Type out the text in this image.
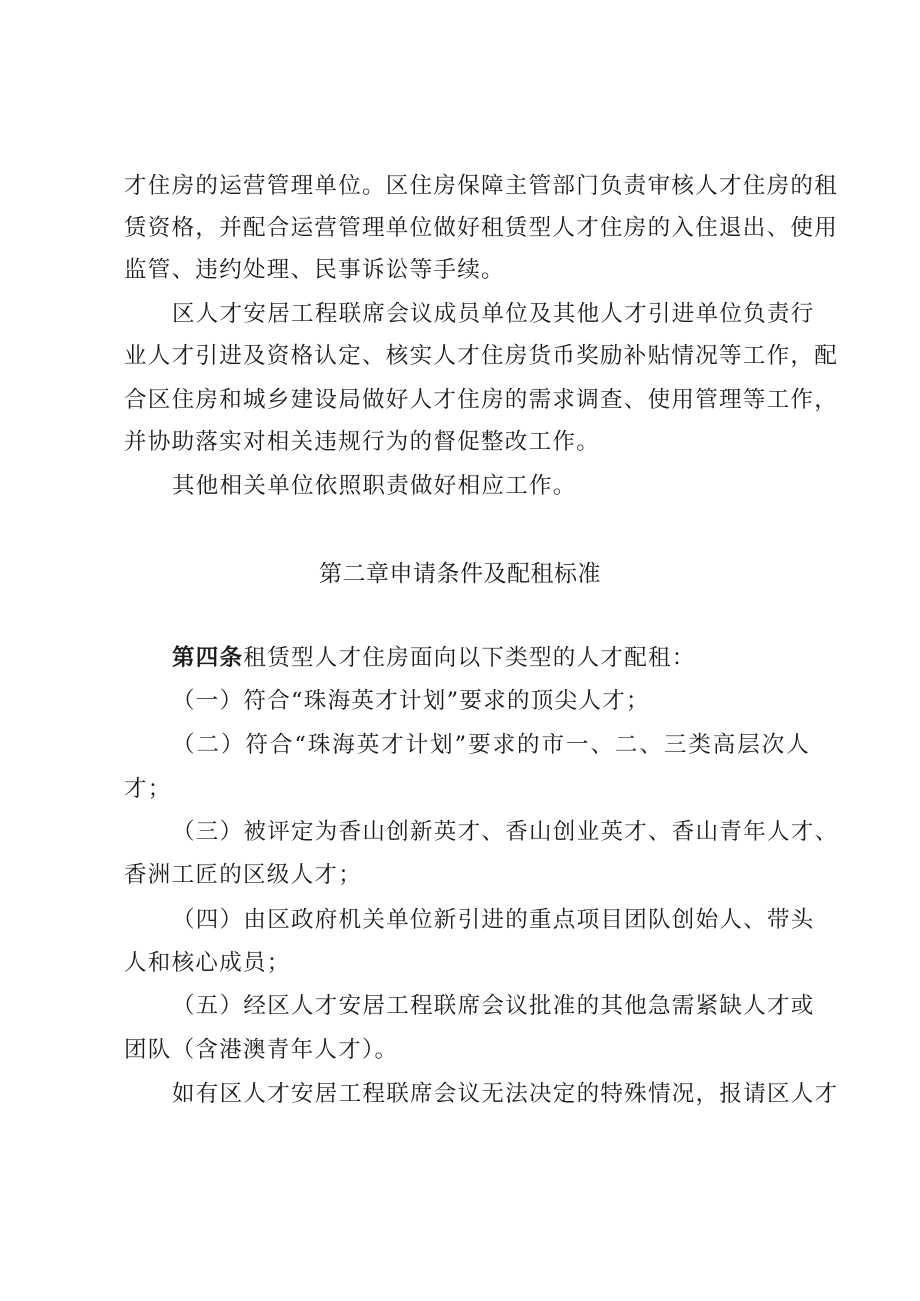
才住房的运营管理单位。区住房保障主管部门负责审核人才住房的租
赁资格，并配合运营管理单位做好租赁型人才住房的入住退出、使用
监管、违约处理、民事诉讼等手续。
区人才安居工程联席会议成员单位及其他人才引进单位负责行
业人才引进及资格认定、核实人才住房货币奖励补贴情况等工作，配
合区住房和城乡建设局做好人才住房的需求调查、使用管理等工作，
并协助落实对相关违规行为的督促整改工作。
其他相关单位依照职责做好相应工作。
第二章申请条件及配租标准
第四条租赁型人才住房面向以下类型的人才配租：
（一）符合“珠海英才计划”要求的顶尖人才；
（二）符合“珠海英才计划”要求的市一、二、三类高层次人
才；
（三）被评定为香山创新英才、香山创业英才、香山青年人才、
香洲工匠的区级人才；
（四）由区政府机关单位新引进的重点项目团队创始人、带头
人和核心成员；
（五）经区人才安居工程联席会议批准的其他急需紧缺人才或
团队（含港澳青年人才）。
如有区人才安居工程联席会议无法决定的特殊情况，报请区人才
